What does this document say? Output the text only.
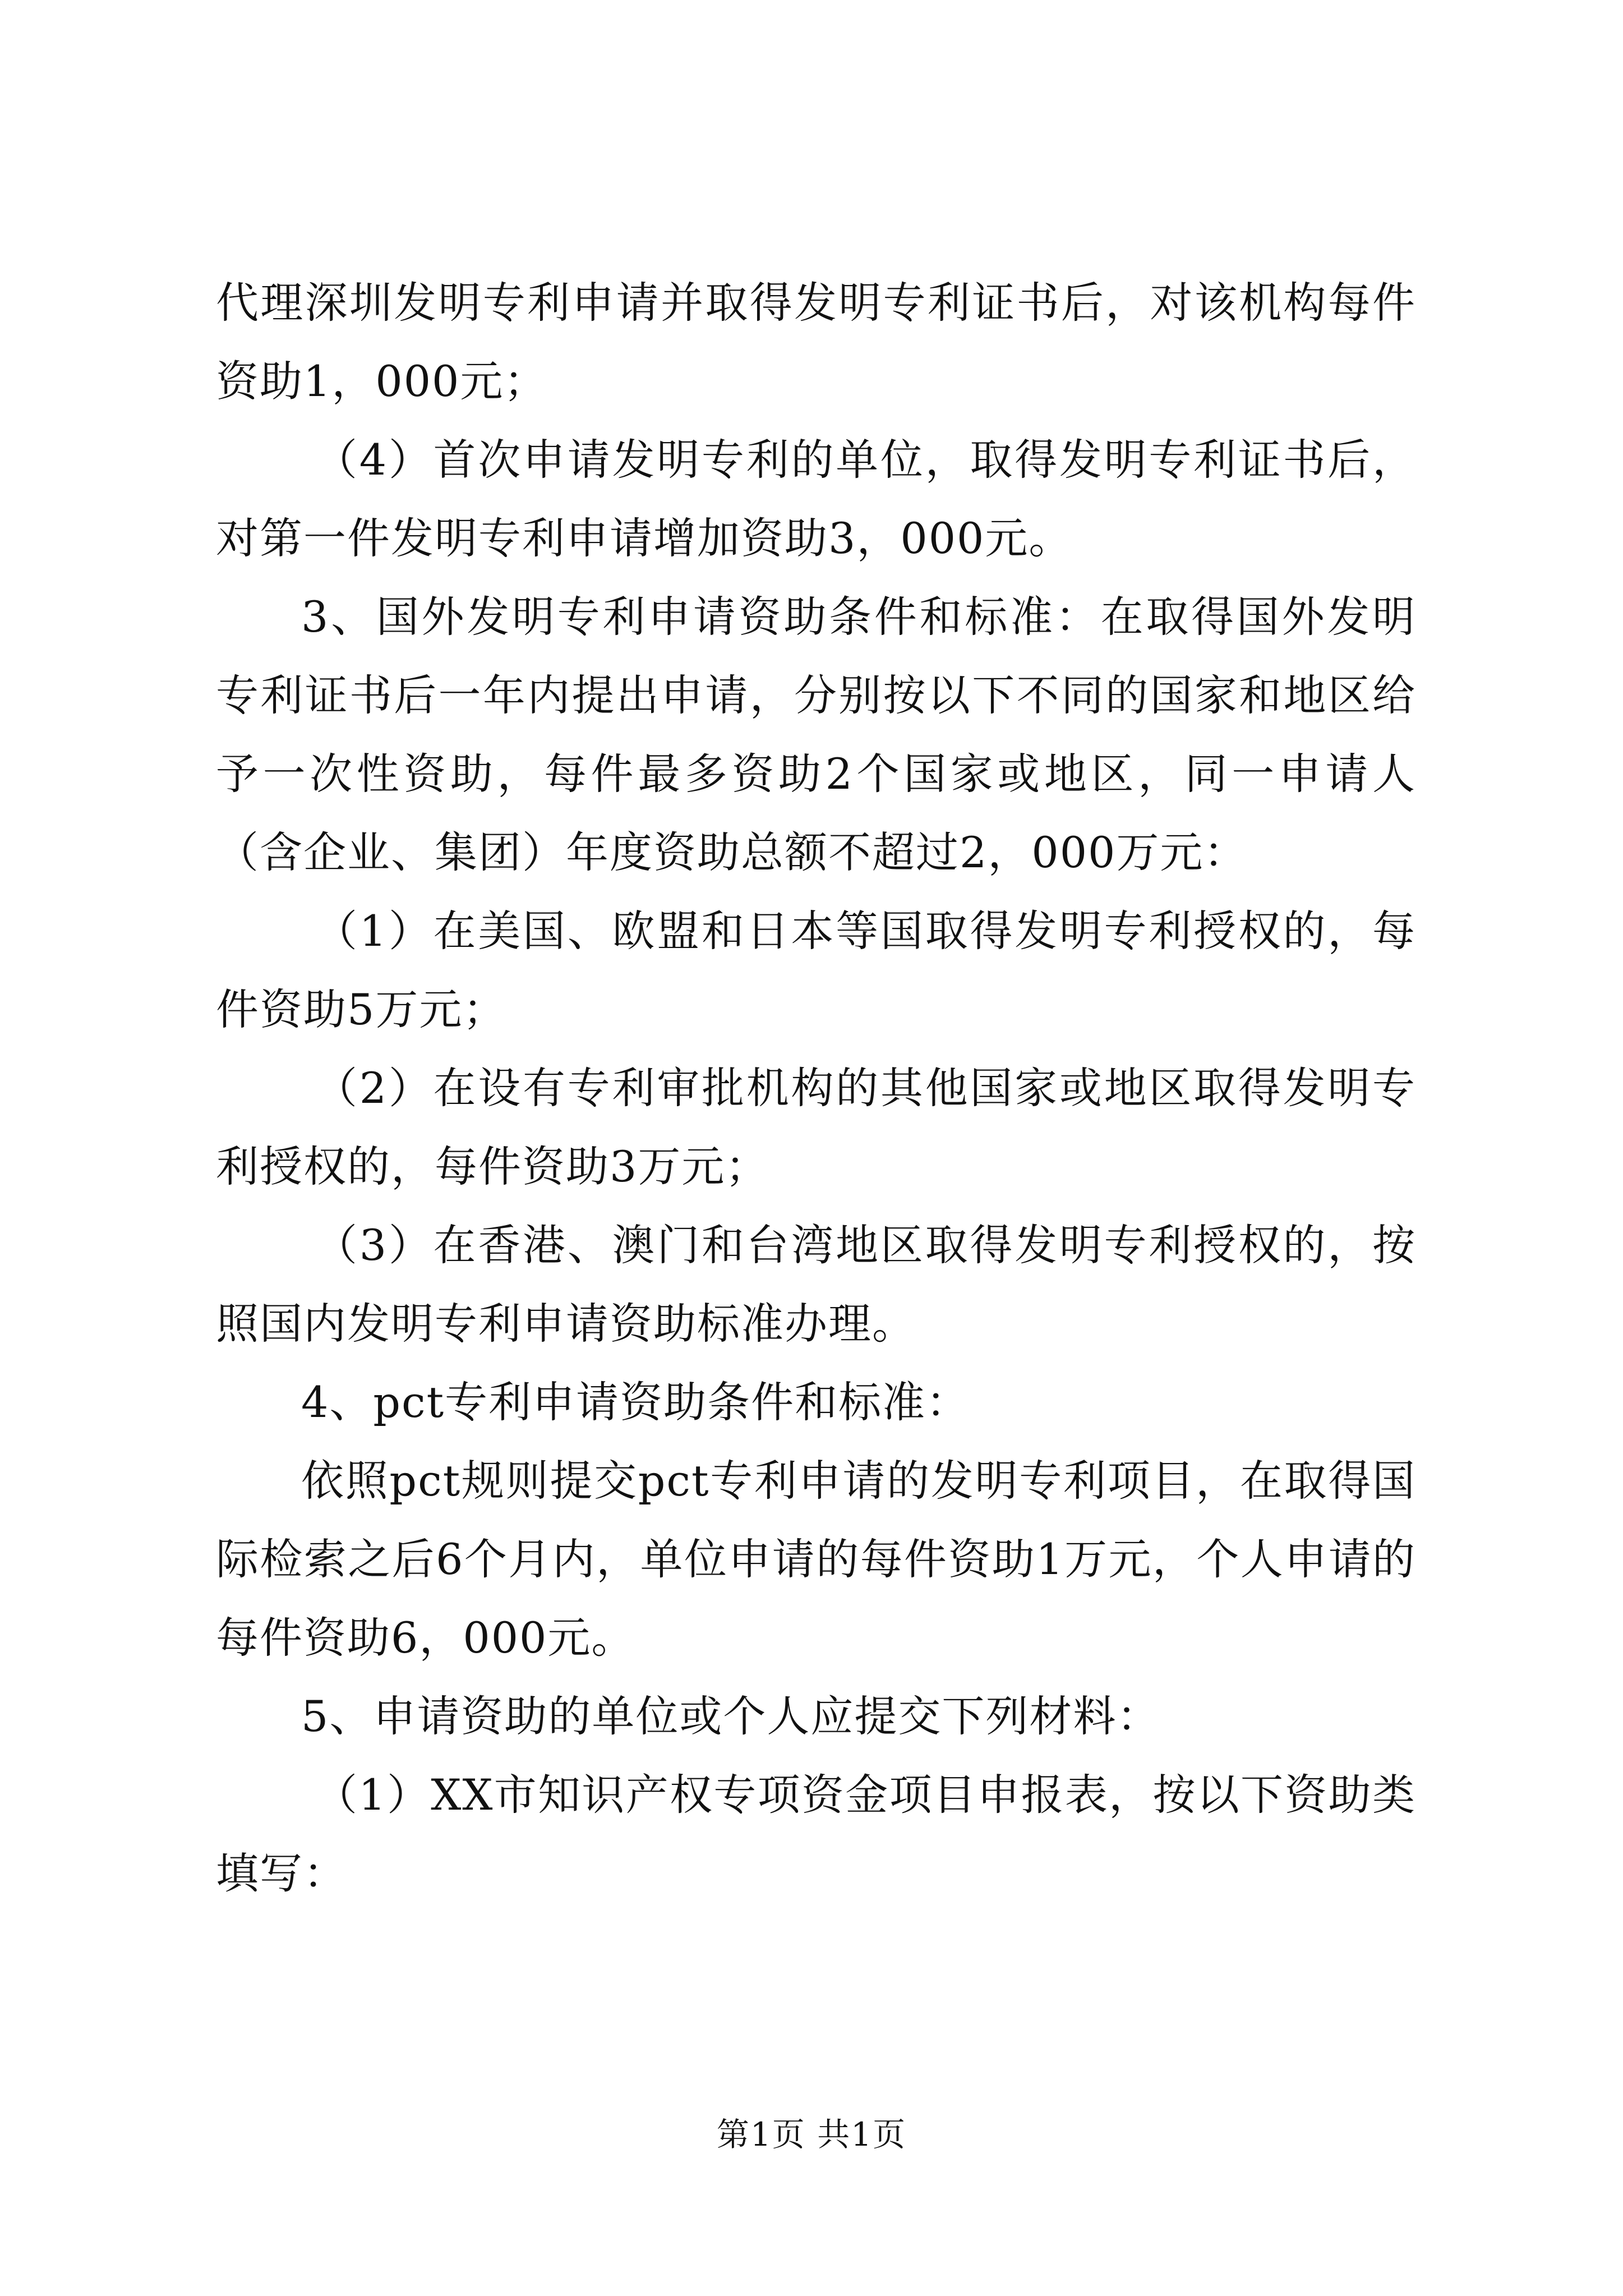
代理深圳发明专利申请并取得发明专利证书后，对该机构每件资助1，000元；

（4）首次申请发明专利的单位，取得发明专利证书后，对第一件发明专利申请增加资助3，000元。

3、国外发明专利申请资助条件和标准：在取得国外发明专利证书后一年内提出申请，分别按以下不同的国家和地区给予一次性资助，每件最多资助2个国家或地区，同一申请人（含企业、集团）年度资助总额不超过2，000万元：

（1）在美国、欧盟和日本等国取得发明专利授权的，每件资助5万元；

（2）在设有专利审批机构的其他国家或地区取得发明专利授权的，每件资助3万元；

（3）在香港、澳门和台湾地区取得发明专利授权的，按照国内发明专利申请资助标准办理。

4、pct专利申请资助条件和标准：

依照pct规则提交pct专利申请的发明专利项目，在取得国际检索之后6个月内，单位申请的每件资助1万元，个人申请的每件资助6，000元。

5、申请资助的单位或个人应提交下列材料：

（1）XX市知识产权专项资金项目申报表，按以下资助类填写：

第1页 共1页
